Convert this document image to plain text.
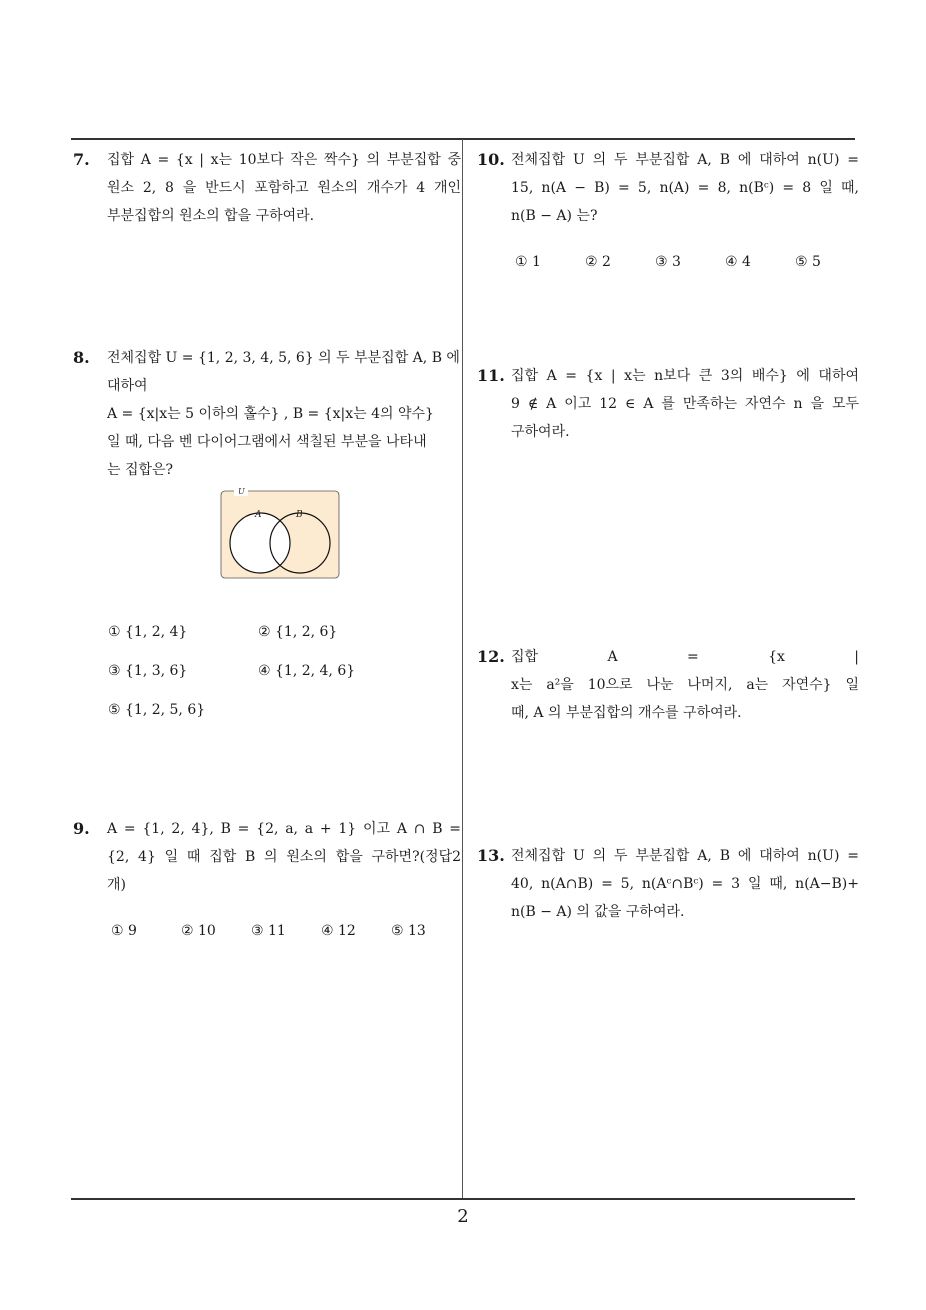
7. 집합 A = {x | x는 10보다 작은 짝수} 의 부분집합 중

원소 2, 8 을 반드시 포함하고 원소의 개수가 4 개인

부분집합의 원소의 합을 구하여라.

8. 전체집합 U = {1, 2, 3, 4, 5, 6} 의 두 부분집합 A, B 에

대하여

A = {x|x는 5 이하의 홀수} , B = {x|x는 4의 약수}

일 때, 다음 벤 다이어그램에서 색칠된 부분을 나타내

는 집합은?

U
A	B
① {1, 2, 4}	② {1, 2, 6}
③ {1, 3, 6}	④ {1, 2, 4, 6}
⑤ {1, 2, 5, 6}
9. A = {1, 2, 4}, B = {2, a, a + 1} 이고 A ∩ B =

{2, 4} 일 때 집합 B 의 원소의 합을 구하면?(정답2

개)

① 9	② 10	③ 11	④ 12	⑤ 13
10. 전체집합 U 의 두 부분집합 A, B 에 대하여 n(U) =

15, n(A − B) = 5, n(A) = 8, n(Bᶜ) = 8 일 때,

n(B − A) 는?

① 1	② 2	③ 3	④ 4	⑤ 5
11. 집합 A = {x | x는 n보다 큰 3의 배수} 에 대하여

9 ∉ A 이고 12 ∈ A 를 만족하는 자연수 n 을 모두

구하여라.

12. 집합 A = {x |

x는 a²을 10으로 나눈 나머지, a는 자연수} 일

때, A 의 부분집합의 개수를 구하여라.

13. 전체집합 U 의 두 부분집합 A, B 에 대하여 n(U) =

40, n(A∩B) = 5, n(Aᶜ∩Bᶜ) = 3 일 때, n(A−B)+

n(B − A) 의 값을 구하여라.

2
